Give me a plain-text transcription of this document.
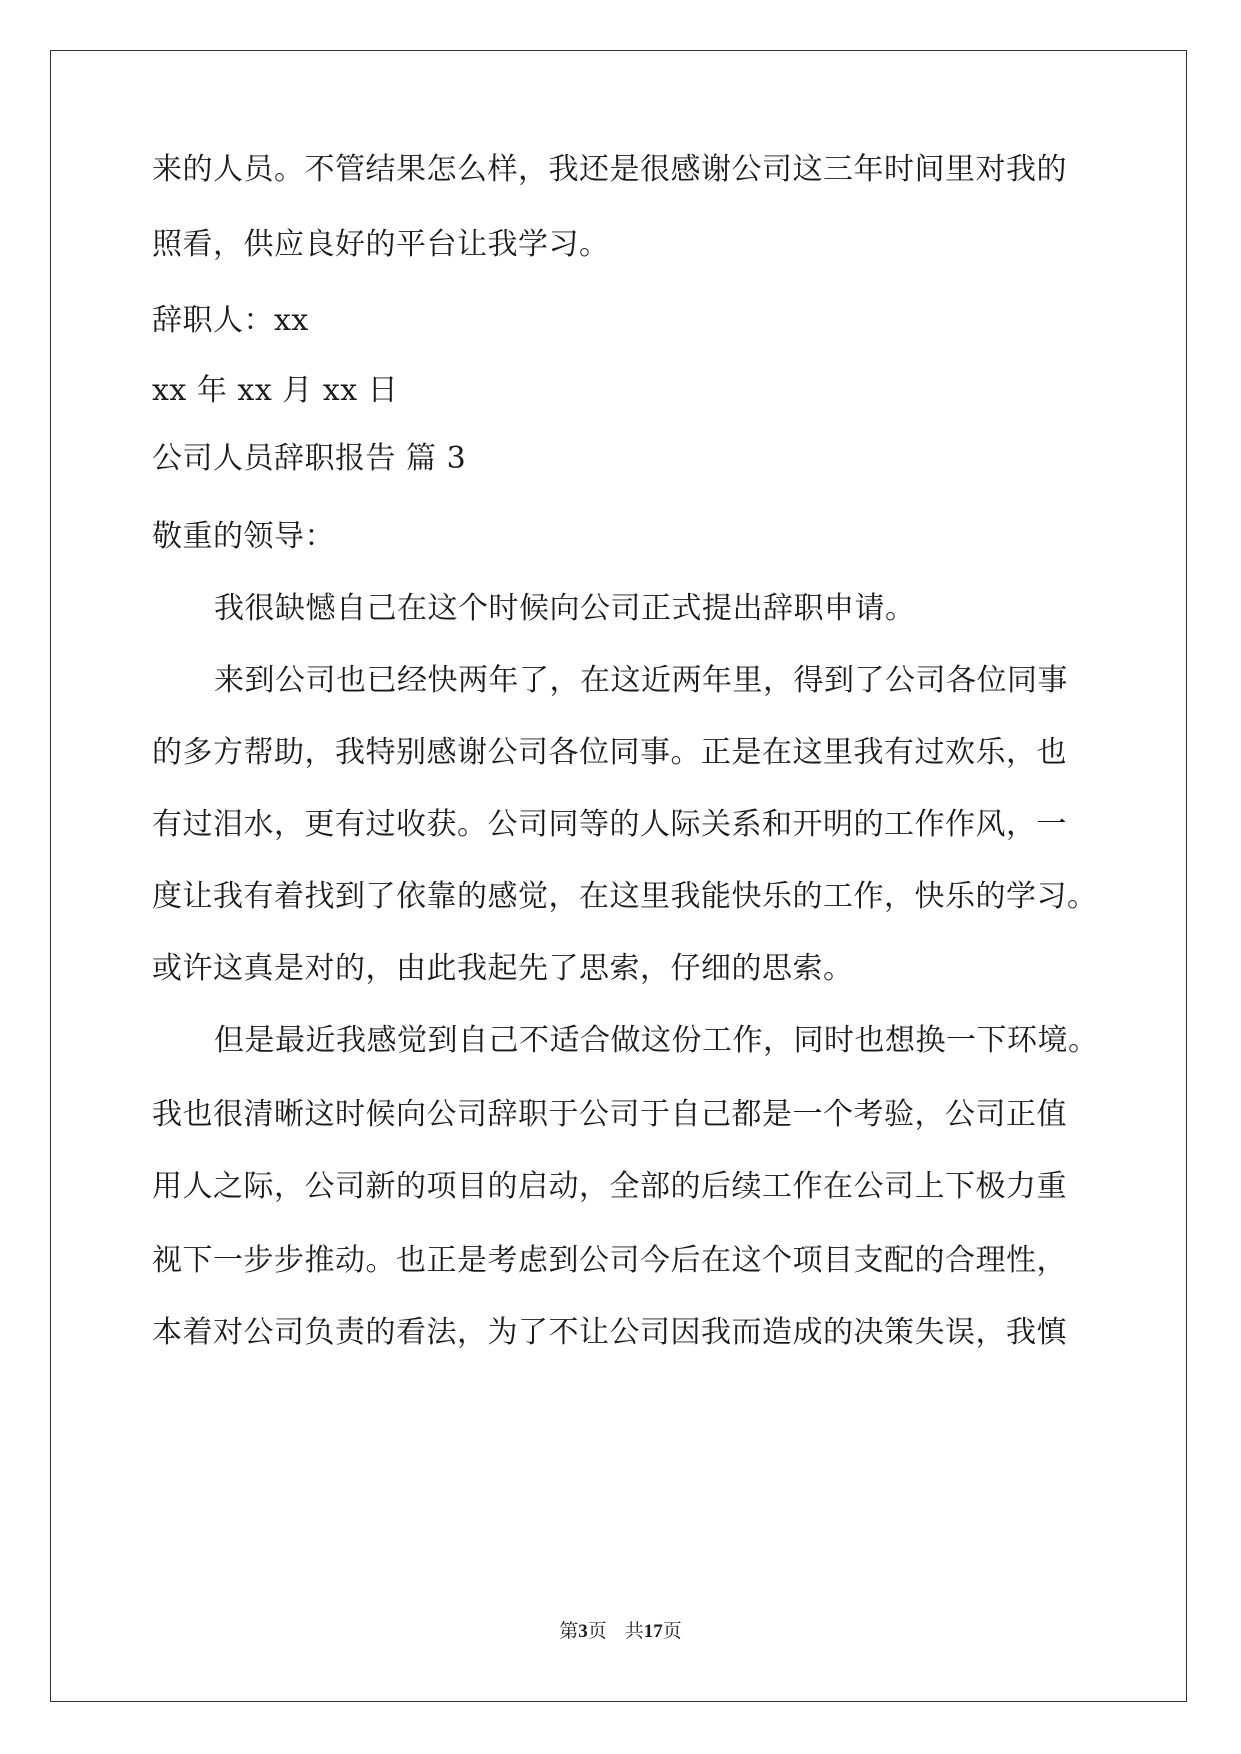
来的人员。不管结果怎么样，我还是很感谢公司这三年时间里对我的
照看，供应良好的平台让我学习。
辞职人：xx
xx 年 xx 月 xx 日
公司人员辞职报告 篇 3
敬重的领导：
我很缺憾自己在这个时候向公司正式提出辞职申请。
来到公司也已经快两年了，在这近两年里，得到了公司各位同事
的多方帮助，我特别感谢公司各位同事。正是在这里我有过欢乐，也
有过泪水，更有过收获。公司同等的人际关系和开明的工作作风，一
度让我有着找到了依靠的感觉，在这里我能快乐的工作，快乐的学习。
或许这真是对的，由此我起先了思索，仔细的思索。
但是最近我感觉到自己不适合做这份工作，同时也想换一下环境。
我也很清晰这时候向公司辞职于公司于自己都是一个考验，公司正值
用人之际，公司新的项目的启动，全部的后续工作在公司上下极力重
视下一步步推动。也正是考虑到公司今后在这个项目支配的合理性，
本着对公司负责的看法，为了不让公司因我而造成的决策失误，我慎
第3页 共17页
